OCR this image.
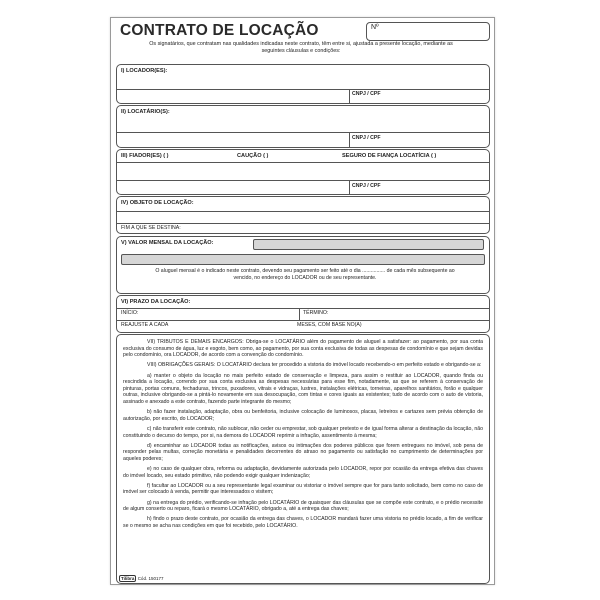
CONTRATO DE LOCAÇÃO	Nº
Os signatários, que contratam nas qualidades indicadas neste contrato, têm entre si, ajustada a presente locação, mediante as seguintes cláusulas e condições:
I) LOCADOR(ES):
CNPJ / CPF
II) LOCATÁRIO(S):
CNPJ / CPF
III) FIADOR(ES) ( )	CAUÇÃO ( )	SEGURO DE FIANÇA LOCATÍCIA ( )
CNPJ / CPF
IV) OBJETO DE LOCAÇÃO:
FIM A QUE SE DESTINA:
V) VALOR MENSAL DA LOCAÇÃO:
O aluguel mensal é o indicado neste contrato, devendo seu pagamento ser feito até o dia ................ de cada mês subsequente ao vencido, no endereço do LOCADOR ou de seu representante.
VI) PRAZO DA LOCAÇÃO:
INÍCIO:	TÉRMINO:
REAJUSTE A CADA	MESES, COM BASE NO(A)

VII) TRIBUTOS E DEMAIS ENCARGOS: Obriga-se o LOCATÁRIO além do pagamento de aluguel a satisfazer: ao pagamento, por sua conta exclusiva do consumo de água, luz e esgoto, bem como, ao pagamento, por sua conta exclusiva de todas as despesas de condomínio e que sejam devidas pelo condomínio, ora LOCADOR, de acordo com a convenção do condomínio.

VIII) OBRIGAÇÕES GERAIS: O LOCATÁRIO declara ter procedido a vistoria do imóvel locado recebendo-o em perfeito estado e obrigando-se a:

a) manter o objeto da locação no mais perfeito estado de conservação e limpeza, para assim o restituir ao LOCADOR, quando finda ou rescindida a locação, correndo por sua conta exclusiva as despesas necessárias para esse fim, notadamente, as que se referem à conservação de pinturas, portas comuns, fechaduras, trincos, puxadores, vitrais e vidraças, lustres, instalações elétricas, torneiras, aparelhos sanitários, forão e qualquer outras, inclusive obrigando-se a pintá-lo novamente em sua desocupação, com tintas e cores iguais as existentes; tudo de acordo com o auto de vistoria, assinado e anexado a este contrato, fazendo parte integrante do mesmo;

b) não fazer instalação, adaptação, obra ou benfeitoria, inclusive colocação de luminosos, placas, letreiros e cartazes sem prévia obtenção de autorização, por escrito, do LOCADOR;

c) não transferir este contrato, não sublocar, não ceder ou emprestar, sob qualquer pretexto e de igual forma alterar a destinação da locação, não constituindo o decurso do tempo, por si, na demora do LOCADOR reprimir a infração, assentimento à mesma;

d) encaminhar ao LOCADOR todas as notificações, avisos ou intimações dos poderes públicos que forem entregues no imóvel, sob pena de responder pelas multas, correção monetária e penalidades decorrentes do atraso no pagamento ou satisfação no cumprimento de determinações por aqueles poderes;

e) no caso de qualquer obra, reforma ou adaptação, devidamente autorizada pelo LOCADOR, repor por ocasião da entrega efetiva das chaves do imóvel locado, seu estado primitivo, não podendo exigir qualquer indenização;

f) facultar ao LOCADOR ou a seu representante legal examinar ou vistoriar o imóvel sempre que for para tanto solicitado, bem como no caso de imóvel ser colocado à venda, permitir que interessados o visitem;

g) na entrega do prédio, verificando-se infração pelo LOCATÁRIO de quaisquer das cláusulas que se compõe este contrato, e o prédio necessite de algum conserto ou reparo, ficará o mesmo LOCATÁRIO, obrigado a, até a entrega das chaves;

h) findo o prazo deste contrato, por ocasião da entrega das chaves, o LOCADOR mandará fazer uma vistoria no prédio locado, a fim de verificar se o mesmo se acha nas condições em que foi recebido, pelo LOCATÁRIO.

Tilibra Cód. 150177
